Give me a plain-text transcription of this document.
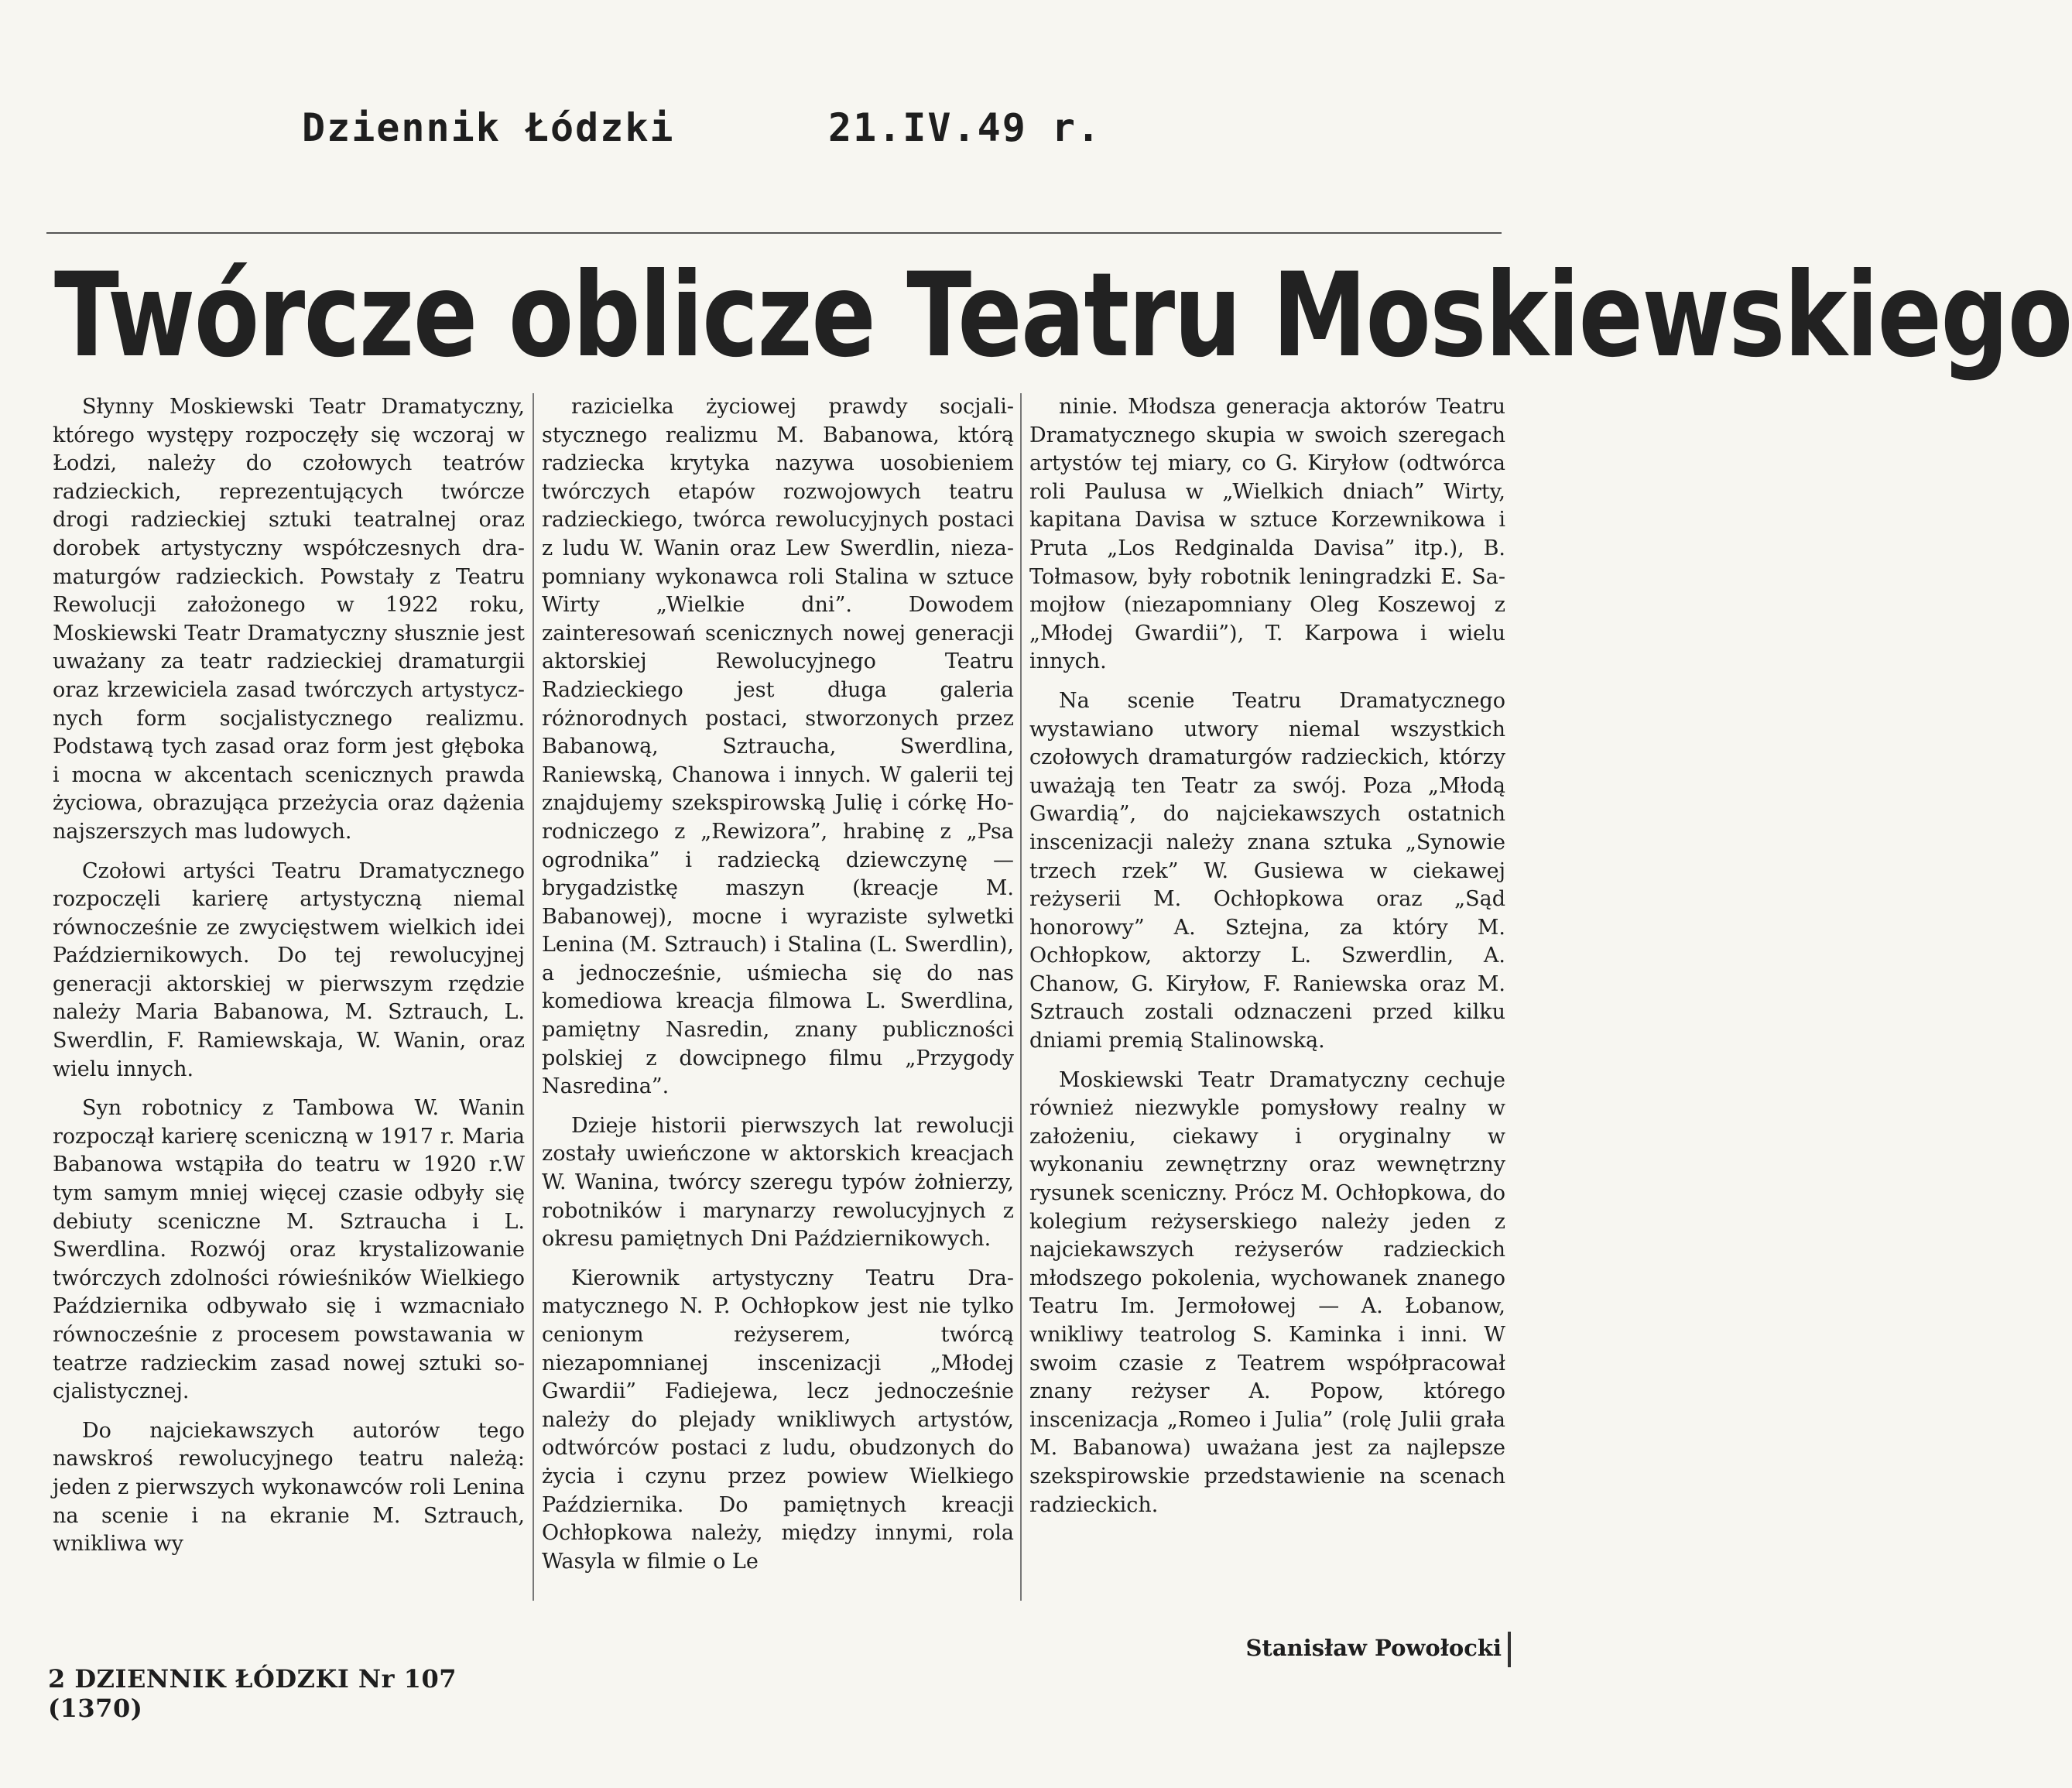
Dziennik Łódzki	21.IV.49 r.
Twórcze oblicze Teatru Moskiewskiego

Słynny Moskiewski Teatr Dramatyczny, którego występy rozpoczęły się wczoraj w Łodzi, należy do czołowych teatrów radzieckich, reprezentujących twórcze drogi radzieckiej sztuki teatralnej oraz dorobek artystyczny współczesnych dramaturgów radzieckich. Powstały z Teatru Rewolucji założonego w 1922 roku, Moskiewski Teatr Dramatyczny słusznie jest uważany za teatr radzieckiej dramaturgii oraz krzewiciela zasad twórczych artystycznych form socjalistycznego realizmu. Podstawą tych zasad oraz form jest głęboka i mocna w akcentach scenicznych prawda życiowa, obrazująca przeżycia oraz dążenia najszerszych mas ludowych.

Czołowi artyści Teatru Dramatycznego rozpoczęli karierę artystyczną niemal równocześnie ze zwycięstwem wielkich idei Październikowych. Do tej rewolucyjnej generacji aktorskiej w pierwszym rzędzie należy Maria Babanowa, M. Sztrauch, L. Swerdlin, F. Ramiewskaja, W. Wanin, oraz wielu innych.

Syn robotnicy z Tambowa W. Wanin rozpoczął karierę sceniczną w 1917 r. Maria Babanowa wstąpiła do teatru w 1920 r.W tym samym mniej więcej czasie odbyły się debiuty sceniczne M. Sztraucha i L. Swerdlina. Rozwój oraz krystalizowanie twórczych zdolności rówieśników Wielkiego Października odbywało się i wzmacniało równocześnie z procesem powstawania w teatrze radzieckim zasad nowej sztuki socjalistycznej.

Do najciekawszych autorów tego nawskroś rewolucyjnego teatru należą: jeden z pierwszych wykonawców roli Lenina na scenie i na ekranie M. Sztrauch, wnikliwa wy

razicielka życiowej prawdy socjalistycznego realizmu M. Babanowa, którą radziecka krytyka nazywa uosobieniem twórczych etapów rozwojowych teatru radzieckiego, twórca rewolucyjnych postaci z ludu W. Wanin oraz Lew Swerdlin, niezapomniany wykonawca roli Stalina w sztuce Wirty „Wielkie dni”. Dowodem zainteresowań scenicznych nowej generacji aktorskiej Rewolucyjnego Teatru Radzieckiego jest długa galeria różnorodnych postaci, stworzonych przez Babanową, Sztraucha, Swerdlina, Raniewską, Chanowa i innych. W galerii tej znajdujemy szekspirowską Julię i córkę Horodniczego z „Rewizora”, hrabinę z „Psa ogrodnika” i radziecką dziewczynę — brygadzistkę maszyn (kreacje M. Babanowej), mocne i wyraziste sylwetki Lenina (M. Sztrauch) i Stalina (L. Swerdlin), a jednocześnie, uśmiecha się do nas komediowa kreacja filmowa L. Swerdlina, pamiętny Nasredin, znany publiczności polskiej z dowcipnego filmu „Przygody Nasredina”.

Dzieje historii pierwszych lat rewolucji zostały uwieńczone w aktorskich kreacjach W. Wanina, twórcy szeregu typów żołnierzy, robotników i marynarzy rewolucyjnych z okresu pamiętnych Dni Październikowych.

Kierownik artystyczny Teatru Dramatycznego N. P. Ochłopkow jest nie tylko cenionym reżyserem, twórcą niezapomnianej inscenizacji „Młodej Gwardii” Fadiejewa, lecz jednocześnie należy do plejady wnikliwych artystów, odtwórców postaci z ludu, obudzonych do życia i czynu przez powiew Wielkiego Października. Do pamiętnych kreacji Ochłopkowa należy, między innymi, rola Wasyla w filmie o Le

ninie. Młodsza generacja aktorów Teatru Dramatycznego skupia w swoich szeregach artystów tej miary, co G. Kiryłow (odtwórca roli Paulusa w „Wielkich dniach” Wirty, kapitana Davisa w sztuce Korzewnikowa i Pruta „Los Redginalda Davisa” itp.), B. Tołmasow, były robotnik leningradzki E. Samojłow (niezapomniany Oleg Koszewoj z „Młodej Gwardii”), T. Karpowa i wielu innych.

Na scenie Teatru Dramatycznego wystawiano utwory niemal wszystkich czołowych dramaturgów radzieckich, którzy uważają ten Teatr za swój. Poza „Młodą Gwardią”, do najciekawszych ostatnich inscenizacji należy znana sztuka „Synowie trzech rzek” W. Gusiewa w ciekawej reżyserii M. Ochłopkowa oraz „Sąd honorowy” A. Sztejna, za który M. Ochłopkow, aktorzy L. Szwerdlin, A. Chanow, G. Kiryłow, F. Raniewska oraz M. Sztrauch zostali odznaczeni przed kilku dniami premią Stalinowską.

Moskiewski Teatr Dramatyczny cechuje również niezwykle pomysłowy realny w założeniu, ciekawy i oryginalny w wykonaniu zewnętrzny oraz wewnętrzny rysunek sceniczny. Prócz M. Ochłopkowa, do kolegium reżyserskiego należy jeden z najciekawszych reżyserów radzieckich młodszego pokolenia, wychowanek znanego Teatru Im. Jermołowej — A. Łobanow, wnikliwy teatrolog S. Kaminka i inni. W swoim czasie z Teatrem współpracował znany reżyser A. Popow, którego inscenizacja „Romeo i Julia” (rolę Julii grała M. Babanowa) uważana jest za najlepsze szekspirowskie przedstawienie na scenach radzieckich.

2 DZIENNIK ŁÓDZKI Nr 107 (1370)
Stanisław Powołocki
